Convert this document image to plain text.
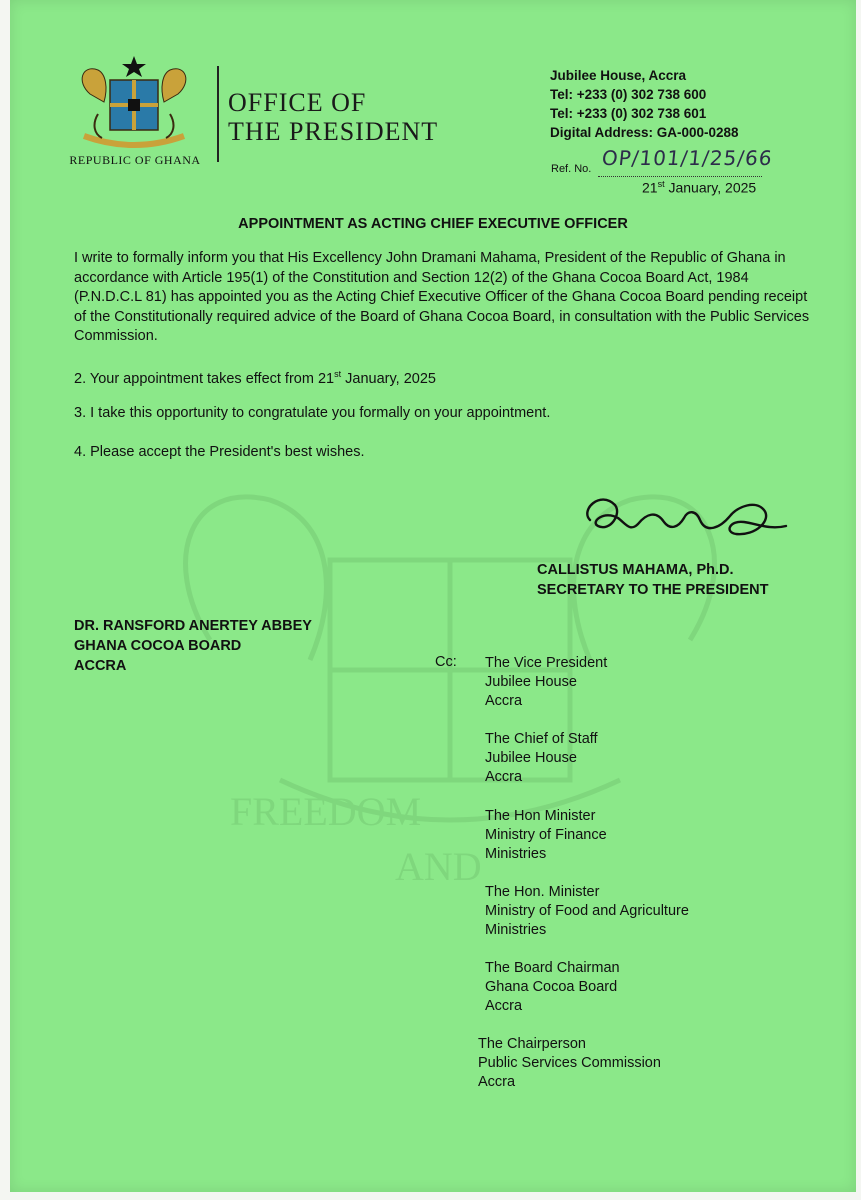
FREEDOM
AND
REPUBLIC OF GHANA
OFFICE OF
THE PRESIDENT
Jubilee House, Accra
Tel: +233 (0) 302 738 600
Tel: +233 (0) 302 738 601
Digital Address: GA-000-0288
Ref. No. OP/101/1/25/66
21st January, 2025
APPOINTMENT AS ACTING CHIEF EXECUTIVE OFFICER
I write to formally inform you that His Excellency John Dramani Mahama, President of the Republic of Ghana in accordance with Article 195(1) of the Constitution and Section 12(2) of the Ghana Cocoa Board Act, 1984 (P.N.D.C.L 81) has appointed you as the Acting Chief Executive Officer of the Ghana Cocoa Board pending receipt of the Constitutionally required advice of the Board of Ghana Cocoa Board, in consultation with the Public Services Commission.
2. Your appointment takes effect from 21st January, 2025
3. I take this opportunity to congratulate you formally on your appointment.
4. Please accept the President's best wishes.
CALLISTUS MAHAMA, Ph.D.
SECRETARY TO THE PRESIDENT
DR. RANSFORD ANERTEY ABBEY
GHANA COCOA BOARD
ACCRA	Cc: The Vice President
Jubilee House
Accra
The Chief of Staff
Jubilee House
Accra
The Hon Minister
Ministry of Finance
Ministries
The Hon. Minister
Ministry of Food and Agriculture
Ministries
The Board Chairman
Ghana Cocoa Board
Accra
The Chairperson
Public Services Commission
Accra
